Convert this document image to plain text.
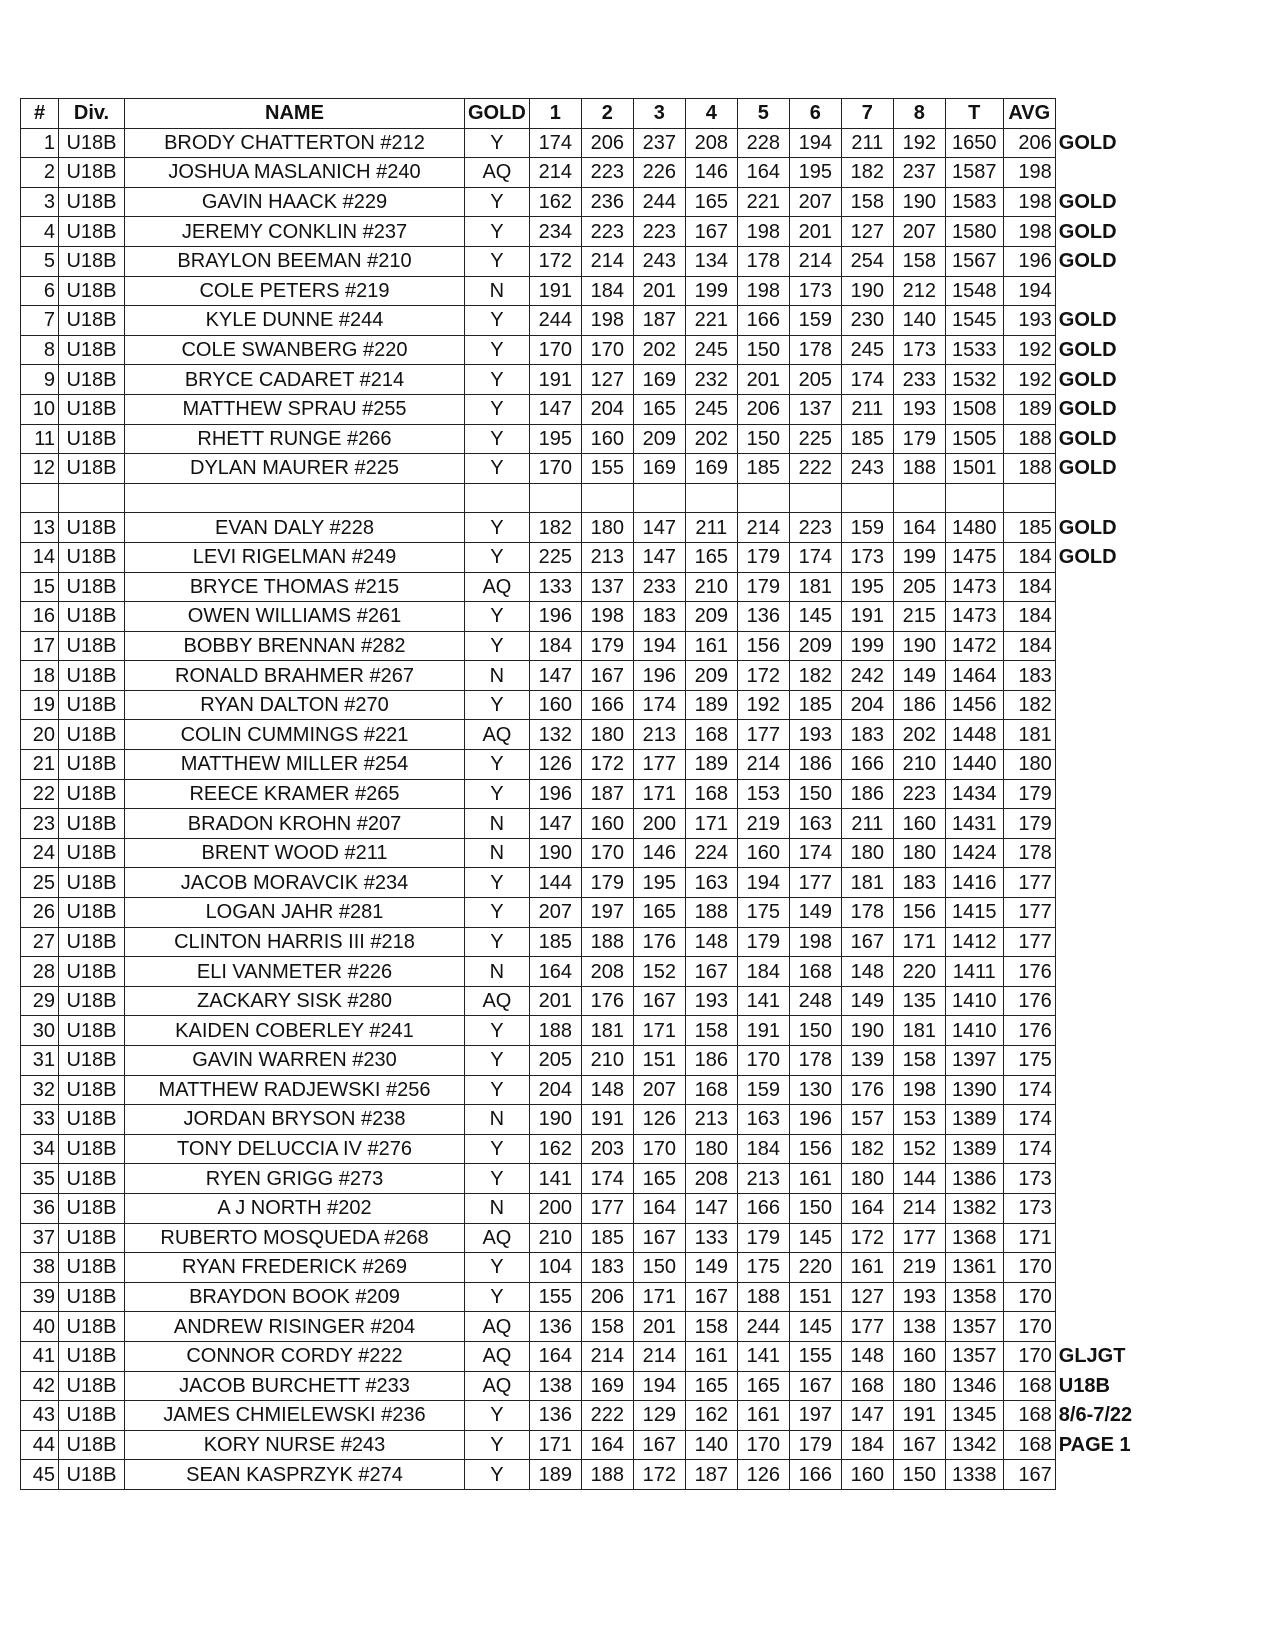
#	Div.	NAME	GOLD	1	2	3	4	5	6	7	8	T	AVG	
1	U18B	BRODY CHATTERTON #212	Y	174	206	237	208	228	194	211	192	1650	206	GOLD
2	U18B	JOSHUA MASLANICH #240	AQ	214	223	226	146	164	195	182	237	1587	198	
3	U18B	GAVIN HAACK #229	Y	162	236	244	165	221	207	158	190	1583	198	GOLD
4	U18B	JEREMY CONKLIN #237	Y	234	223	223	167	198	201	127	207	1580	198	GOLD
5	U18B	BRAYLON BEEMAN #210	Y	172	214	243	134	178	214	254	158	1567	196	GOLD
6	U18B	COLE PETERS #219	N	191	184	201	199	198	173	190	212	1548	194	
7	U18B	KYLE DUNNE #244	Y	244	198	187	221	166	159	230	140	1545	193	GOLD
8	U18B	COLE SWANBERG #220	Y	170	170	202	245	150	178	245	173	1533	192	GOLD
9	U18B	BRYCE CADARET #214	Y	191	127	169	232	201	205	174	233	1532	192	GOLD
10	U18B	MATTHEW SPRAU #255	Y	147	204	165	245	206	137	211	193	1508	189	GOLD
11	U18B	RHETT RUNGE #266	Y	195	160	209	202	150	225	185	179	1505	188	GOLD
12	U18B	DYLAN MAURER #225	Y	170	155	169	169	185	222	243	188	1501	188	GOLD

13	U18B	EVAN DALY #228	Y	182	180	147	211	214	223	159	164	1480	185	GOLD
14	U18B	LEVI RIGELMAN #249	Y	225	213	147	165	179	174	173	199	1475	184	GOLD
15	U18B	BRYCE THOMAS #215	AQ	133	137	233	210	179	181	195	205	1473	184	
16	U18B	OWEN WILLIAMS #261	Y	196	198	183	209	136	145	191	215	1473	184	
17	U18B	BOBBY BRENNAN #282	Y	184	179	194	161	156	209	199	190	1472	184	
18	U18B	RONALD BRAHMER #267	N	147	167	196	209	172	182	242	149	1464	183	
19	U18B	RYAN DALTON #270	Y	160	166	174	189	192	185	204	186	1456	182	
20	U18B	COLIN CUMMINGS #221	AQ	132	180	213	168	177	193	183	202	1448	181	
21	U18B	MATTHEW MILLER #254	Y	126	172	177	189	214	186	166	210	1440	180	
22	U18B	REECE KRAMER #265	Y	196	187	171	168	153	150	186	223	1434	179	
23	U18B	BRADON KROHN #207	N	147	160	200	171	219	163	211	160	1431	179	
24	U18B	BRENT WOOD #211	N	190	170	146	224	160	174	180	180	1424	178	
25	U18B	JACOB MORAVCIK #234	Y	144	179	195	163	194	177	181	183	1416	177	
26	U18B	LOGAN JAHR #281	Y	207	197	165	188	175	149	178	156	1415	177	
27	U18B	CLINTON HARRIS III #218	Y	185	188	176	148	179	198	167	171	1412	177	
28	U18B	ELI VANMETER #226	N	164	208	152	167	184	168	148	220	1411	176	
29	U18B	ZACKARY SISK #280	AQ	201	176	167	193	141	248	149	135	1410	176	
30	U18B	KAIDEN COBERLEY #241	Y	188	181	171	158	191	150	190	181	1410	176	
31	U18B	GAVIN WARREN #230	Y	205	210	151	186	170	178	139	158	1397	175	
32	U18B	MATTHEW RADJEWSKI #256	Y	204	148	207	168	159	130	176	198	1390	174	
33	U18B	JORDAN BRYSON #238	N	190	191	126	213	163	196	157	153	1389	174	
34	U18B	TONY DELUCCIA IV #276	Y	162	203	170	180	184	156	182	152	1389	174	
35	U18B	RYEN GRIGG #273	Y	141	174	165	208	213	161	180	144	1386	173	
36	U18B	A J NORTH #202	N	200	177	164	147	166	150	164	214	1382	173	
37	U18B	RUBERTO MOSQUEDA #268	AQ	210	185	167	133	179	145	172	177	1368	171	
38	U18B	RYAN FREDERICK #269	Y	104	183	150	149	175	220	161	219	1361	170	
39	U18B	BRAYDON BOOK #209	Y	155	206	171	167	188	151	127	193	1358	170	
40	U18B	ANDREW RISINGER #204	AQ	136	158	201	158	244	145	177	138	1357	170	
41	U18B	CONNOR CORDY #222	AQ	164	214	214	161	141	155	148	160	1357	170	GLJGT
42	U18B	JACOB BURCHETT #233	AQ	138	169	194	165	165	167	168	180	1346	168	U18B
43	U18B	JAMES CHMIELEWSKI #236	Y	136	222	129	162	161	197	147	191	1345	168	8/6-7/22
44	U18B	KORY NURSE #243	Y	171	164	167	140	170	179	184	167	1342	168	PAGE 1
45	U18B	SEAN KASPRZYK #274	Y	189	188	172	187	126	166	160	150	1338	167	
